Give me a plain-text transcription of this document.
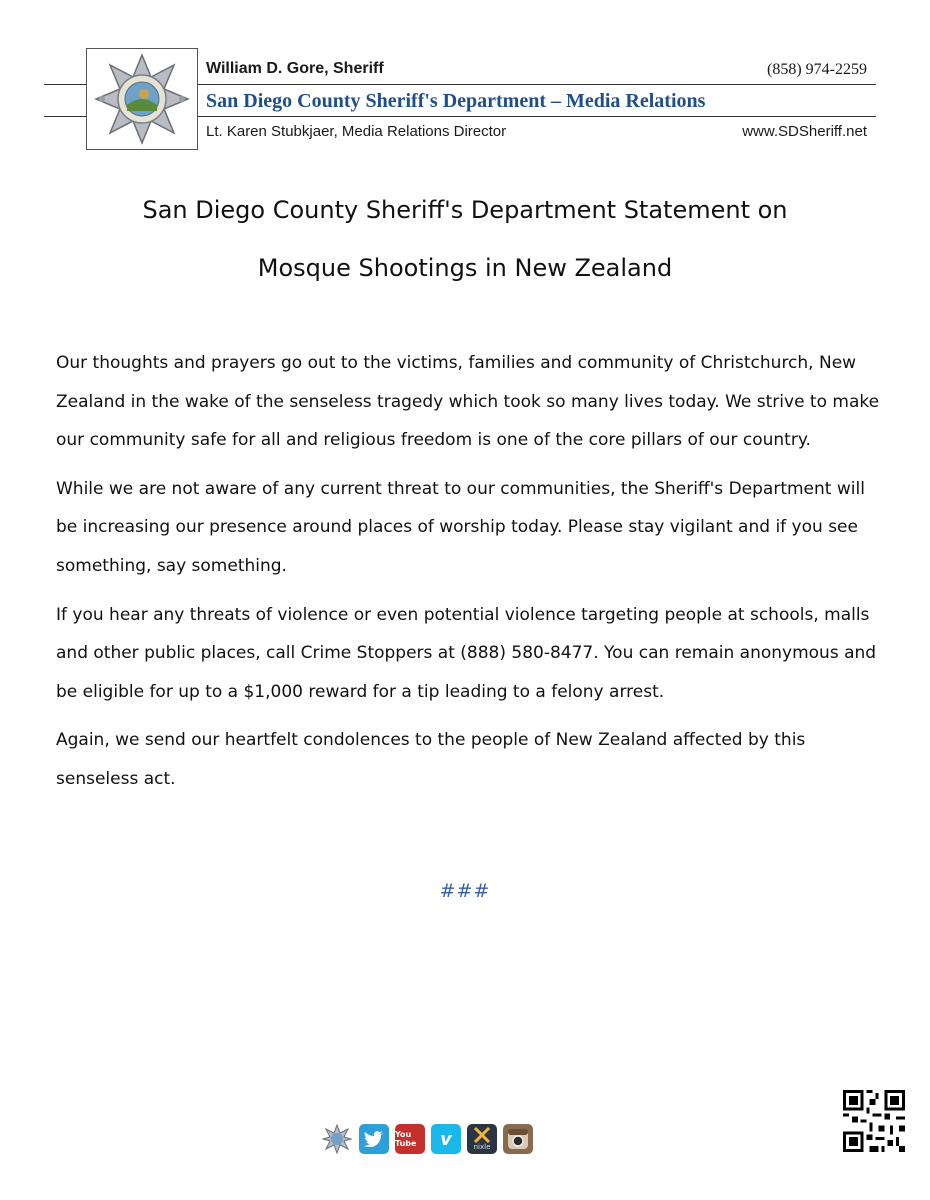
William D. Gore, Sheriff	(858) 974-2259
San Diego County Sheriff's Department – Media Relations
Lt. Karen Stubkjaer, Media Relations Director	www.SDSheriff.net
San Diego County Sheriff's Department Statement on
Mosque Shootings in New Zealand

Our thoughts and prayers go out to the victims, families and community of Christchurch, New Zealand in the wake of the senseless tragedy which took so many lives today. We strive to make our community safe for all and religious freedom is one of the core pillars of our country.

While we are not aware of any current threat to our communities, the Sheriff's Department will be increasing our presence around places of worship today. Please stay vigilant and if you see something, say something.

If you hear any threats of violence or even potential violence targeting people at schools, malls and other public places, call Crime Stoppers at (888) 580-8477. You can remain anonymous and be eligible for up to a $1,000 reward for a tip leading to a felony arrest.

Again, we send our heartfelt condolences to the people of New Zealand affected by this senseless act.

###
You Tube	v	nixle
